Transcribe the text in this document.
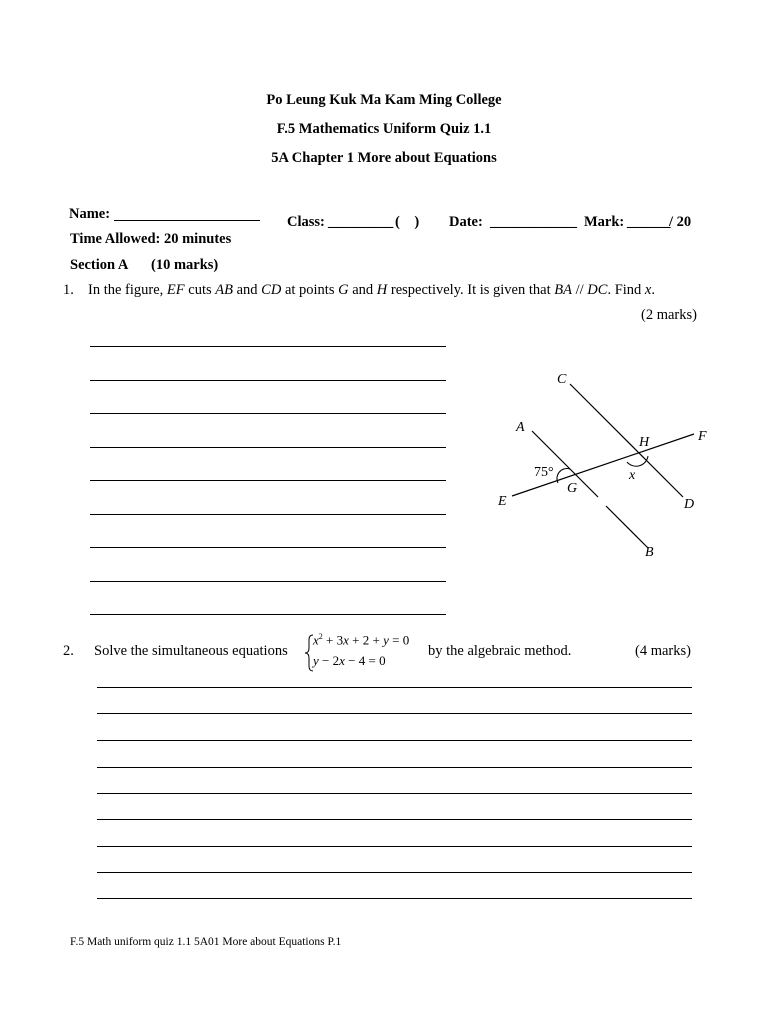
Po Leung Kuk Ma Kam Ming College
F.5 Mathematics Uniform Quiz 1.1
5A Chapter 1 More about Equations
Name:	Class: _________ (    ) Date: ____________ Mark: ______
/ 20
Time Allowed: 20 minutes
Section A (10 marks)
1. In the figure, EF cuts AB and CD at points G and H respectively. It is given that BA // DC. Find x.
(2 marks)
C
A
H	F
75°	x
G
E	D
B
2. Solve the simultaneous equations
$x^2 + 3x + 2 + y = 0$
y − 2x − 4 = 0
by the algebraic method.	(4 marks)
F.5 Math uniform quiz 1.1 5A01 More about Equations P.1
